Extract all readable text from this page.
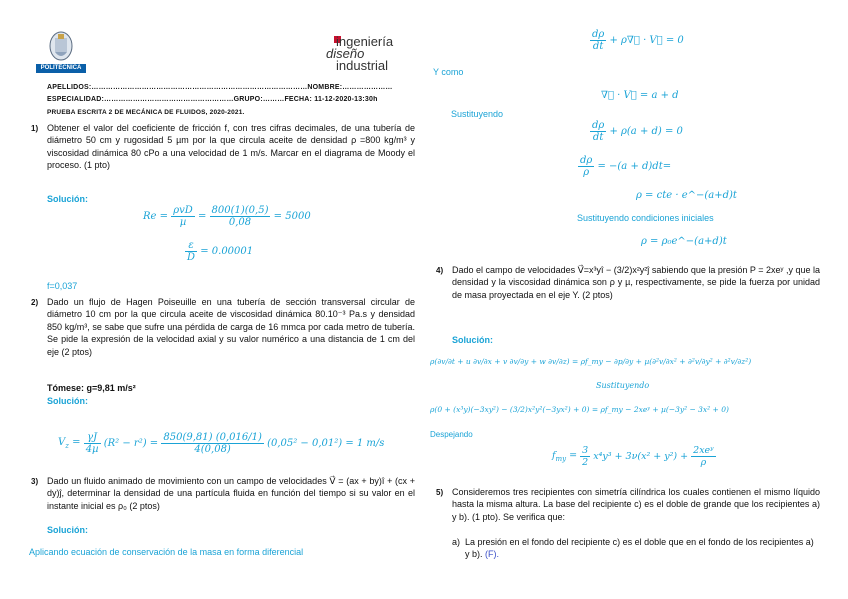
POLITÉCNICA
ingeniería
diseño
industrial
APELLIDOS:………………………………………………………………………………NOMBRE:…………………
ESPECIALIDAD:………………………………………………GRUPO:………FECHA: 11-12-2020-13:30h
PRUEBA ESCRITA 2 DE MECÁNICA DE FLUIDOS, 2020-2021.
1) Obtener el valor del coeficiente de fricción f, con tres cifras decimales, de una tubería de diámetro 50 cm y rugosidad 5 µm por la que circula aceite de densidad ρ =800 kg/m³ y viscosidad dinámica 80 cPo a una velocidad de 1 m/s. Marcar en el diagrama de Moody el proceso. (1 pto)
Solución:
$Re = \frac{\text{ρvD}}{\text{µ}} = \frac{800(1)(0,5)}{0,08} = 5000$
$\frac{\varepsilon}{D} = 0.00001$
f=0,037
2) Dado un flujo de Hagen Poiseuille en una tubería de sección transversal circular de diámetro 10 cm por la que circula aceite de viscosidad dinámica 80.10⁻³ Pa.s y densidad 850 kg/m³, se sabe que sufre una pérdida de carga de 16 mmca por cada metro de tubería. Se pide la expresión de la velocidad axial y su valor numérico a una distancia de 1 cm del eje (2 ptos)
Tómese: g=9,81 m/s²
Solución:
$V_z = \frac{\gamma J}{\text{4µ}} (R^2 - r^2) = \frac{850(9,81) (0,016/1)}{4(0,08)} (0,05^2 - 0,01^2) = 1$ m/s
3) Dado un fluido animado de movimiento con un campo de velocidades V⃗ = (ax + by)î + (cx + dy)ĵ, determinar la densidad de una partícula fluida en función del tiempo si su valor en el instante inicial es ρ₀ (2 ptos)
Solución:
Aplicando ecuación de conservación de la masa en forma diferencial
$\frac{d\rho}{dt}$ + ρ∇⃗ · V⃗ = 0
Y como
∇⃗ · V⃗ = a + d
Sustituyendo
$\frac{d\rho}{dt} + \rho(a + d) = 0$
$\frac{d\rho}{\rho} = -(a + d)dt=$
ρ = cte · e^−(a+d)t
Sustituyendo condiciones iniciales
ρ = ρ₀e^−(a+d)t
4) Dado el campo de velocidades V⃗=x³yî − (3/2)x²y²ĵ sabiendo que la presión P = 2xeʸ ,y que la densidad y la viscosidad dinámica son ρ y µ, respectivamente, se pide la fuerza por unidad de masa proyectada en el eje Y. (2 ptos)
Solución:
ρ(∂v/∂t + u ∂v/∂x + v ∂v/∂y + w ∂v/∂z) = ρf_my − ∂p/∂y + µ(∂²v/∂x² + ∂²v/∂y² + ∂²v/∂z²)
Sustituyendo
ρ(0 + (x³y)(−3xy²) − (3/2)x²y²(−3yx²) + 0) = ρf_my − 2xeʸ + µ(−3y² − 3x² + 0)
Despejando
$f_{my} = \frac{3}{2} x^4y^3 + 3\nu(x^2 + y^2) + \frac{\text{2xeʸ}}{\rho}$
5) Consideremos tres recipientes con simetría cilíndrica los cuales contienen el mismo líquido hasta la misma altura. La base del recipiente c) es el doble de grande que los recipientes a) y b). (1 pto). Se verifica que:
a) La presión en el fondo del recipiente c) es el doble que en el fondo de los recipientes a) y b). (F).
